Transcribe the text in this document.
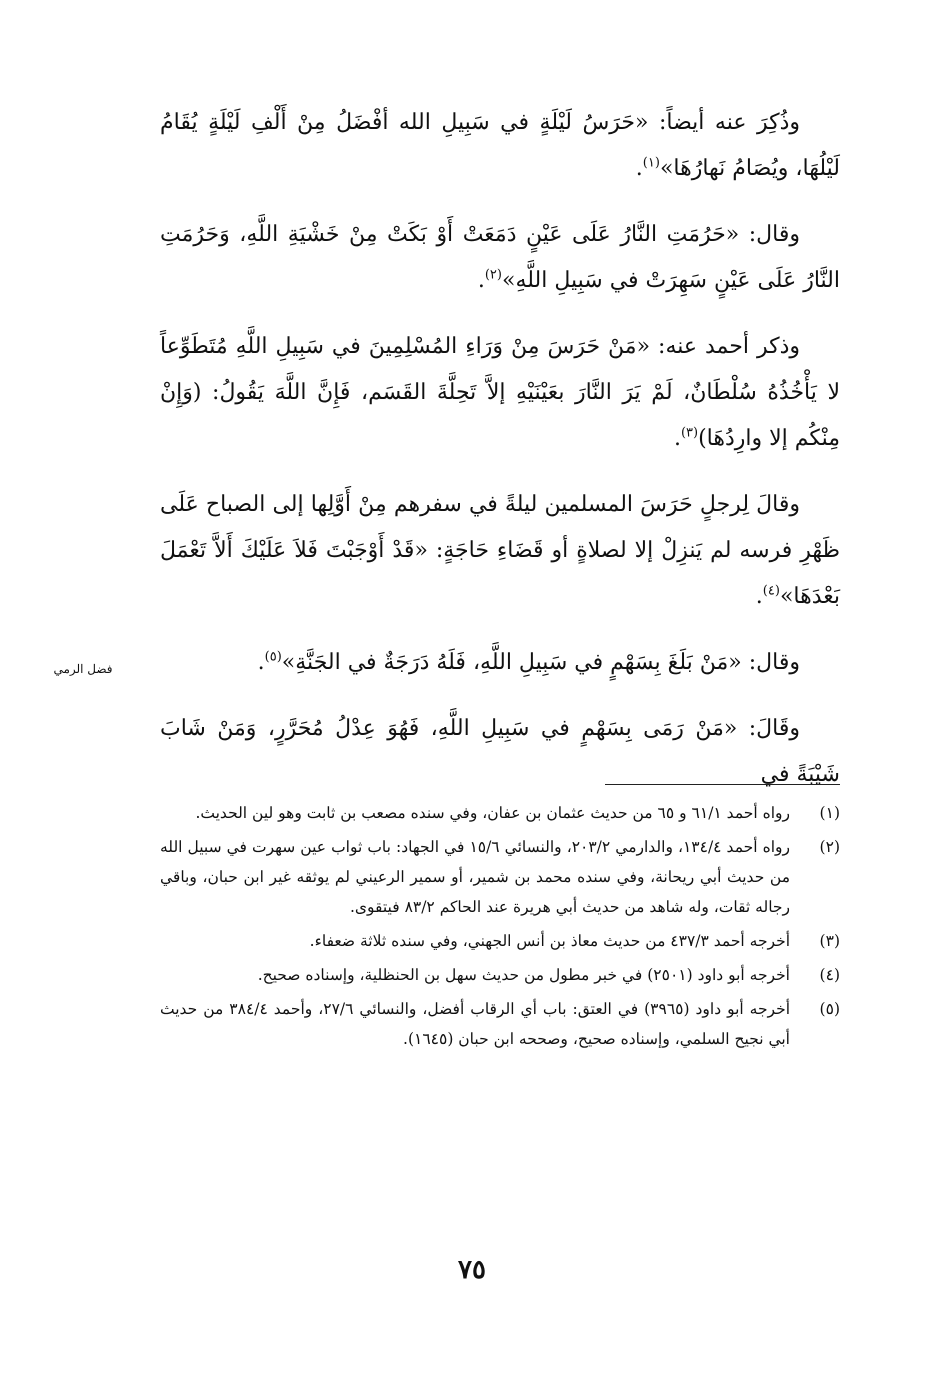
وذُكِرَ عنه أيضاً: «حَرَسُ لَيْلَةٍ في سَبِيلِ الله أفْضَلُ مِنْ أَلْفِ لَيْلَةٍ يُقَامُ لَيْلُهَا، ويُصَامُ نَهارُهَا»$^{(١)}$.

وقال: «حَرُمَتِ النَّارُ عَلَى عَيْنٍ دَمَعَتْ أَوْ بَكَتْ مِنْ خَشْيَةِ اللَّهِ، وَحَرُمَتِ النَّارُ عَلَى عَيْنٍ سَهِرَتْ في سَبِيلِ اللَّهِ»$^{(٢)}$.

وذكر أحمد عنه: «مَنْ حَرَسَ مِنْ وَرَاءِ المُسْلِمِينَ في سَبِيلِ اللَّهِ مُتَطَوِّعاً لا يَأْخُذُهُ سُلْطَانٌ، لَمْ يَرَ النَّارَ بعَيْنَيْهِ إلاَّ تَحِلَّةَ القَسَم، فَإِنَّ اللَّهَ يَقُولُ: (وَإِنْ مِنْكُم إلا وارِدُهَا)$^{(٣)}$.

وقالَ لِرجلٍ حَرَسَ المسلمين ليلةً في سفرهم مِنْ أَوَّلِها إلى الصباح عَلَى ظَهْرِ فرسه لم يَنزِلْ إلا لصلاةٍ أو قَضَاءِ حَاجَةٍ: «قَدْ أَوْجَبْتَ فَلاَ عَلَيْكَ أَلاَّ تَعْمَلَ بَعْدَهَا»$^{(٤)}$.

وقال: «مَنْ بَلَغَ بِسَهْمٍ في سَبِيلِ اللَّهِ، فَلَهُ دَرَجَةٌ في الجَنَّةِ»$^{(٥)}$.

وقَالَ: «مَنْ رَمَى بِسَهْمٍ في سَبِيلِ اللَّهِ، فَهُوَ عِدْلُ مُحَرَّرٍ، وَمَنْ شَابَ شَيْبَةً في

فضل الرمي
(١)
رواه أحمد ٦١/١ و ٦٥ من حديث عثمان بن عفان، وفي سنده مصعب بن ثابت وهو لين الحديث.
(٢)
رواه أحمد ١٣٤/٤، والدارمي ٢٠٣/٢، والنسائي ١٥/٦ في الجهاد: باب ثواب عين سهرت في سبيل الله من حديث أبي ريحانة، وفي سنده محمد بن شمير، أو سمير الرعيني لم يوثقه غير ابن حبان، وباقي رجاله ثقات، وله شاهد من حديث أبي هريرة عند الحاكم ٨٣/٢ فيتقوى.
(٣)
أخرجه أحمد ٤٣٧/٣ من حديث معاذ بن أنس الجهني، وفي سنده ثلاثة ضعفاء.
(٤)
أخرجه أبو داود (٢٥٠١) في خبر مطول من حديث سهل بن الحنظلية، وإسناده صحيح.
(٥)
أخرجه أبو داود (٣٩٦٥) في العتق: باب أي الرقاب أفضل، والنسائي ٢٧/٦، وأحمد ٣٨٤/٤ من حديث أبي نجيح السلمي، وإسناده صحيح، وصححه ابن حبان (١٦٤٥).
٧٥
